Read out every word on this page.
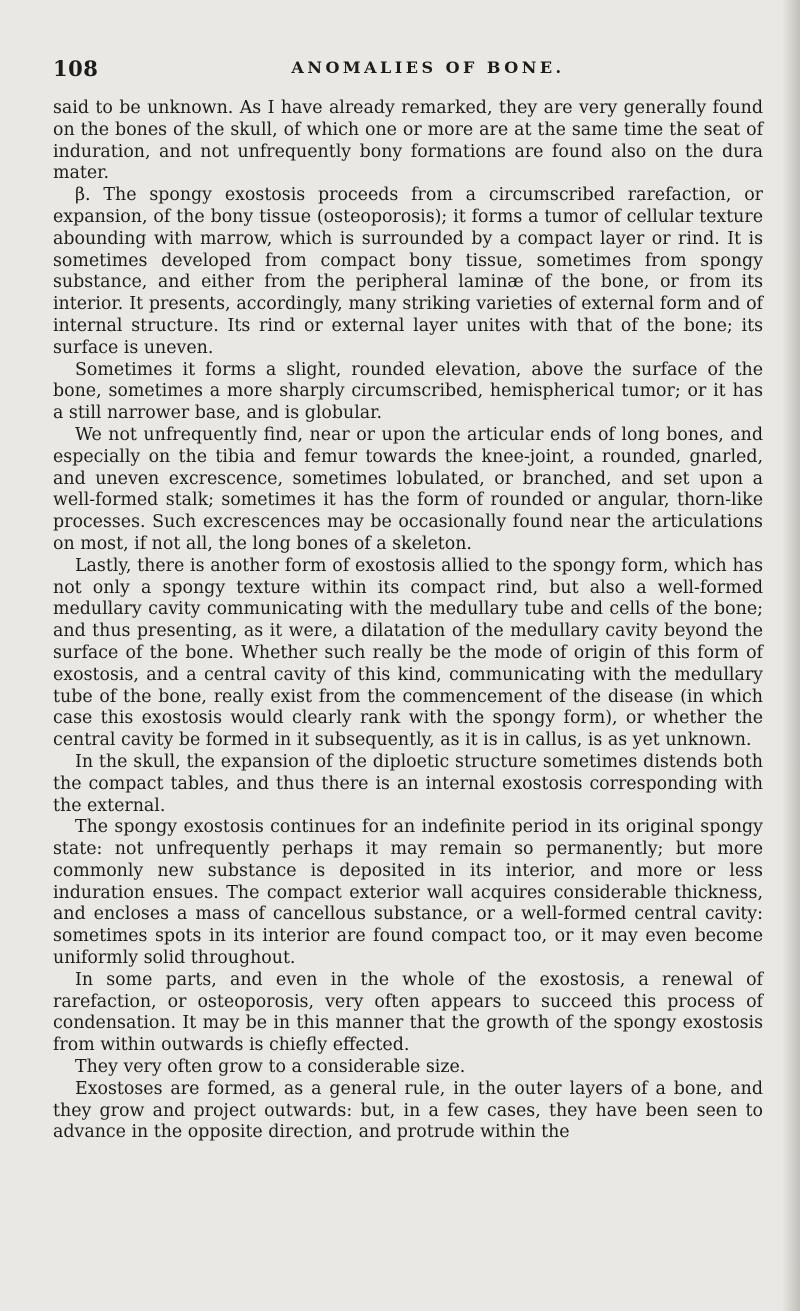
108	ANOMALIES OF BONE.

said to be unknown. As I have already remarked, they are very generally found on the bones of the skull, of which one or more are at the same time the seat of induration, and not unfrequently bony formations are found also on the dura mater.

β. The spongy exostosis proceeds from a circumscribed rarefaction, or expansion, of the bony tissue (osteoporosis); it forms a tumor of cellular texture abounding with marrow, which is surrounded by a compact layer or rind. It is sometimes developed from compact bony tissue, sometimes from spongy substance, and either from the peripheral laminæ of the bone, or from its interior. It presents, accordingly, many striking varieties of external form and of internal structure. Its rind or external layer unites with that of the bone; its surface is uneven.

Sometimes it forms a slight, rounded elevation, above the surface of the bone, sometimes a more sharply circumscribed, hemispherical tumor; or it has a still narrower base, and is globular.

We not unfrequently find, near or upon the articular ends of long bones, and especially on the tibia and femur towards the knee-joint, a rounded, gnarled, and uneven excrescence, sometimes lobulated, or branched, and set upon a well-formed stalk; sometimes it has the form of rounded or angular, thorn-like processes. Such excrescences may be occasionally found near the articulations on most, if not all, the long bones of a skeleton.

Lastly, there is another form of exostosis allied to the spongy form, which has not only a spongy texture within its compact rind, but also a well-formed medullary cavity communicating with the medullary tube and cells of the bone; and thus presenting, as it were, a dilatation of the medullary cavity beyond the surface of the bone. Whether such really be the mode of origin of this form of exostosis, and a central cavity of this kind, communicating with the medullary tube of the bone, really exist from the commencement of the disease (in which case this exostosis would clearly rank with the spongy form), or whether the central cavity be formed in it subsequently, as it is in callus, is as yet unknown.

In the skull, the expansion of the diploetic structure sometimes distends both the compact tables, and thus there is an internal exostosis corresponding with the external.

The spongy exostosis continues for an indefinite period in its original spongy state: not unfrequently perhaps it may remain so permanently; but more commonly new substance is deposited in its interior, and more or less induration ensues. The compact exterior wall acquires considerable thickness, and encloses a mass of cancellous substance, or a well-formed central cavity: sometimes spots in its interior are found compact too, or it may even become uniformly solid throughout.

In some parts, and even in the whole of the exostosis, a renewal of rarefaction, or osteoporosis, very often appears to succeed this process of condensation. It may be in this manner that the growth of the spongy exostosis from within outwards is chiefly effected.

They very often grow to a considerable size.

Exostoses are formed, as a general rule, in the outer layers of a bone, and they grow and project outwards: but, in a few cases, they have been seen to advance in the opposite direction, and protrude within the
